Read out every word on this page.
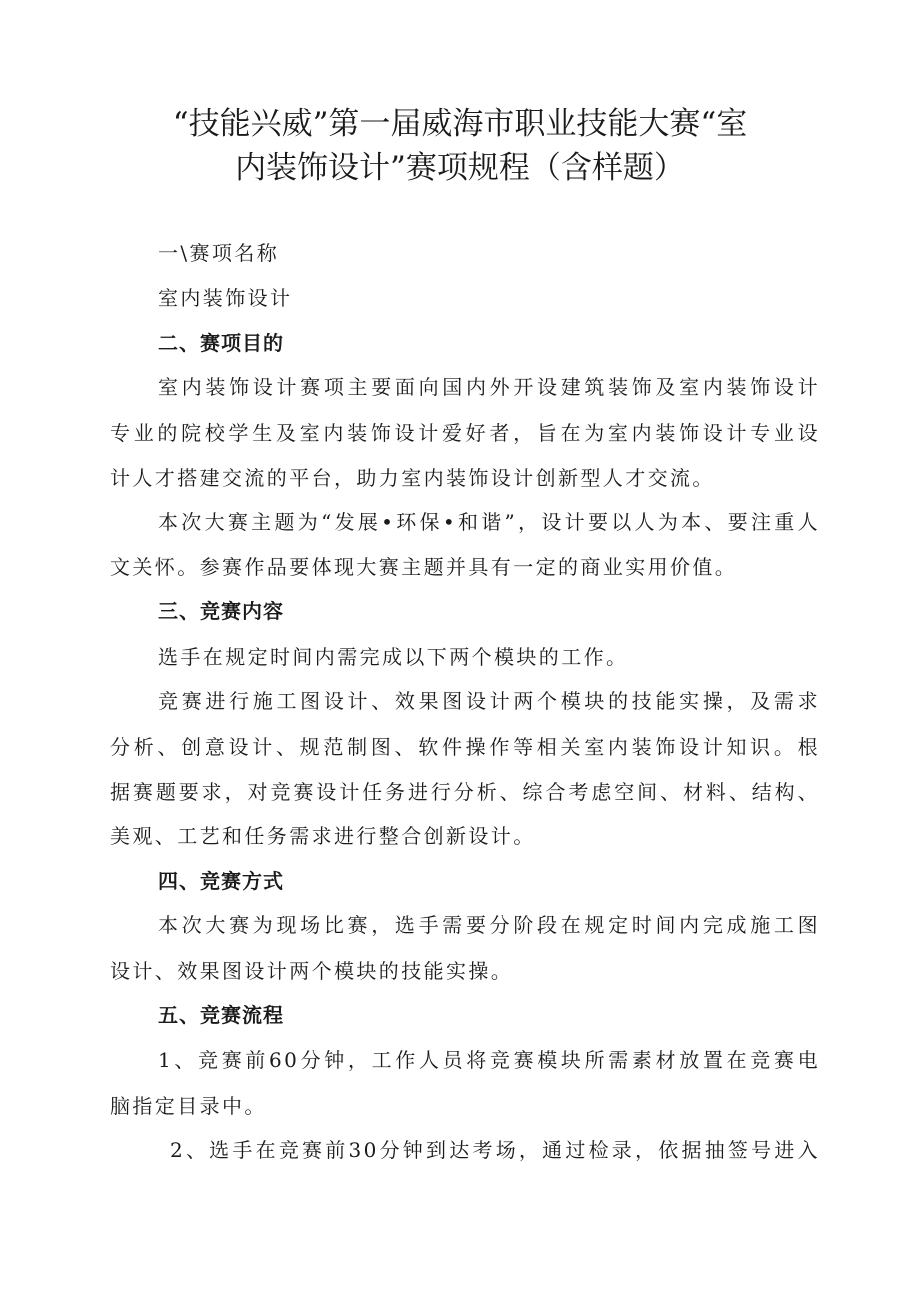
“技能兴威”第一届威海市职业技能大赛“室
内装饰设计”赛项规程（含样题）
一\赛项名称
室内装饰设计
二、赛项目的
室内装饰设计赛项主要面向国内外开设建筑装饰及室内装饰设计
专业的院校学生及室内装饰设计爱好者，旨在为室内装饰设计专业设
计人才搭建交流的平台，助力室内装饰设计创新型人才交流。
本次大赛主题为“发展•环保•和谐”，设计要以人为本、要注重人
文关怀。参赛作品要体现大赛主题并具有一定的商业实用价值。
三、竞赛内容
选手在规定时间内需完成以下两个模块的工作。
竞赛进行施工图设计、效果图设计两个模块的技能实操，及需求
分析、创意设计、规范制图、软件操作等相关室内装饰设计知识。根
据赛题要求，对竞赛设计任务进行分析、综合考虑空间、材料、结构、
美观、工艺和任务需求进行整合创新设计。
四、竞赛方式
本次大赛为现场比赛，选手需要分阶段在规定时间内完成施工图
设计、效果图设计两个模块的技能实操。
五、竞赛流程
1、竞赛前60分钟，工作人员将竞赛模块所需素材放置在竞赛电
脑指定目录中。
2、选手在竞赛前30分钟到达考场，通过检录，依据抽签号进入
